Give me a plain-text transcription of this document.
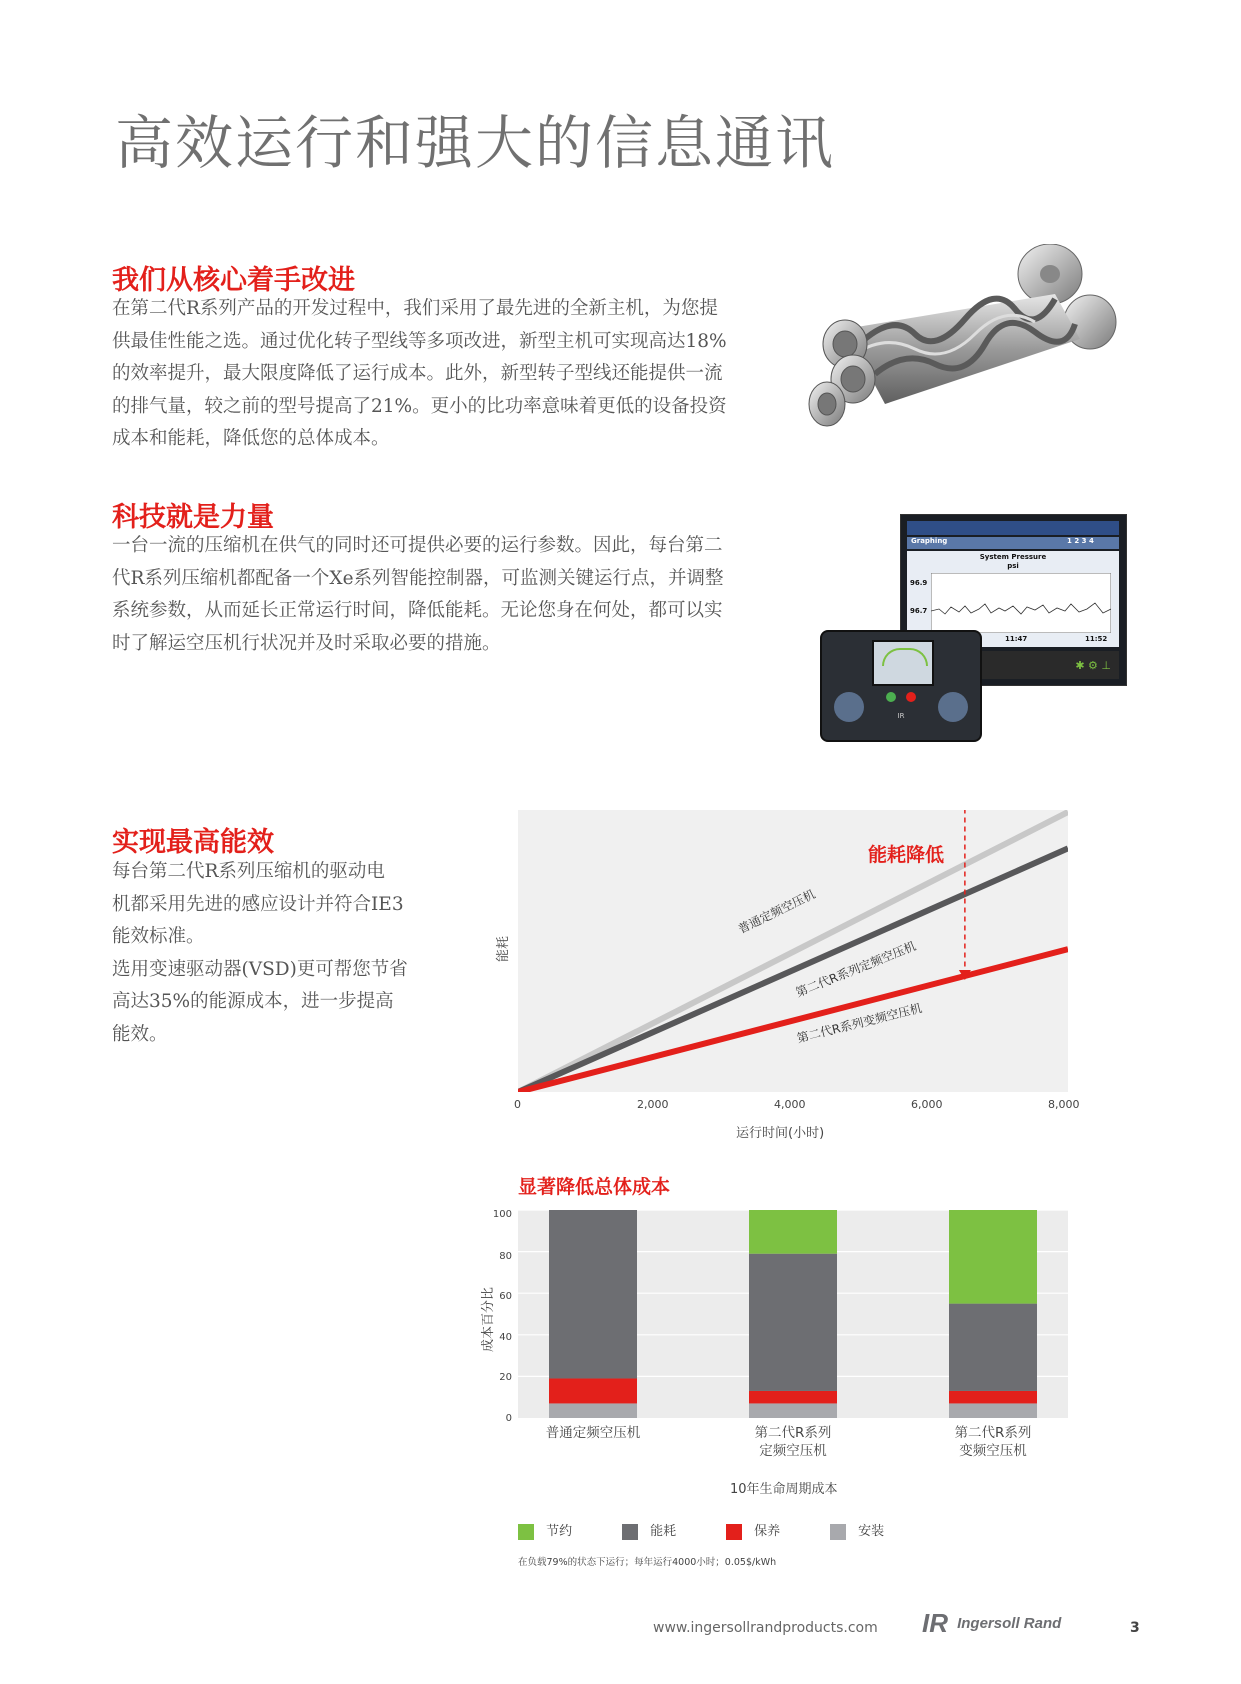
高效运行和强大的信息通讯
我们从核心着手改进
在第二代R系列产品的开发过程中，我们采用了最先进的全新主机，为您提
供最佳性能之选。通过优化转子型线等多项改进，新型主机可实现高达18%
的效率提升，最大限度降低了运行成本。此外，新型转子型线还能提供一流
的排气量，较之前的型号提高了21%。更小的比功率意味着更低的设备投资
成本和能耗，降低您的总体成本。
科技就是力量
一台一流的压缩机在供气的同时还可提供必要的运行参数。因此，每台第二
代R系列压缩机都配备一个Xe系列智能控制器，可监测关键运行点，并调整
系统参数，从而延长正常运行时间，降低能耗。无论您身在何处，都可以实
时了解运空压机行状况并及时采取必要的措施。
Graphing	1 2 3 4
System Pressure
psi
96.9
96.7
11:47	11:52
✱ ⚙ ⊥
IR
实现最高能效
每台第二代R系列压缩机的驱动电
机都采用先进的感应设计并符合IE3
能效标准。
选用变速驱动器(VSD)更可帮您节省
高达35%的能源成本，进一步提高
能效。
能耗降低
普通定频空压机
第二代R系列定频空压机
第二代R系列变频空压机
能耗
0	2,000	4,000	6,000	8,000
运行时间(小时)
显著降低总体成本
0
20
40
60
80
100
成本百分比
普通定频空压机	第二代R系列
定频空压机
第二代R系列
变频空压机
10年生命周期成本
节约	能耗	保养	安装
在负载79%的状态下运行；每年运行4000小时；0.05$/kWh
www.ingersollrandproducts.com IR Ingersoll Rand	3
